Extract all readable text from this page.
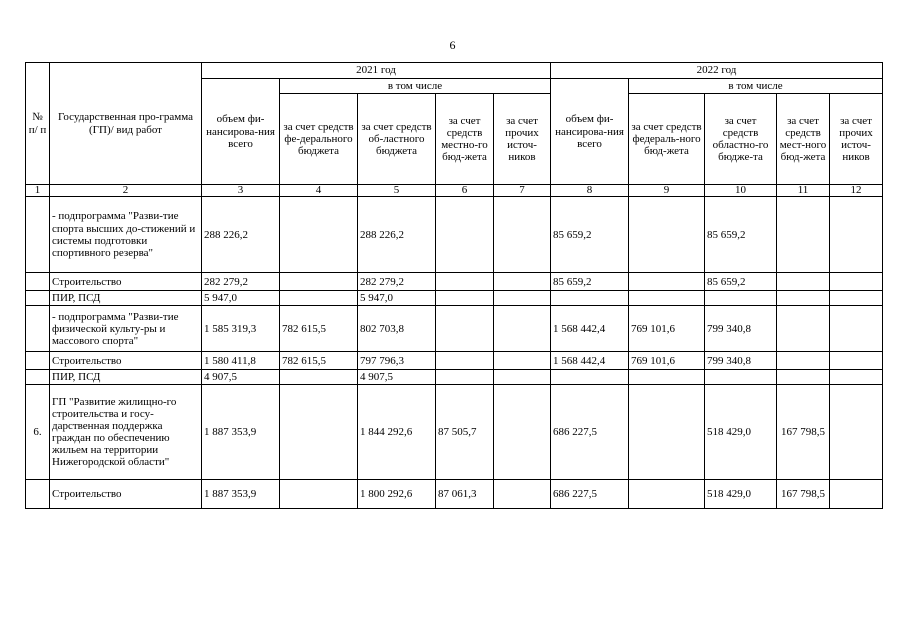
6
№ п/ п	Государственная про-грамма (ГП)/ вид работ	2021 год					2022 год				
		объем фи-нансирова-ния всего	в том числе				объем фи-нансирова-ния всего	в том числе			
			за счет средств фе-дерального бюджета	за счет средств об-ластного бюджета	за счет средств местно-го бюд-жета	за счет прочих источ-ников		за счет средств федераль-ного бюд-жета	за счет средств областно-го бюдже-та	за счет средств мест-ного бюд-жета	за счет прочих источ-ников
1	2	3	4	5	6	7	8	9	10	11	12
	- подпрограмма "Разви-тие спорта высших до-стижений и системы подготовки спортивного резерва"	288 226,2		288 226,2			85 659,2		85 659,2		
	Строительство	282 279,2		282 279,2			85 659,2		85 659,2		
	ПИР, ПСД	5 947,0		5 947,0							
	- подпрограмма "Разви-тие физической культу-ры и массового спорта"	1 585 319,3	782 615,5	802 703,8			1 568 442,4	769 101,6	799 340,8		
	Строительство	1 580 411,8	782 615,5	797 796,3			1 568 442,4	769 101,6	799 340,8		
	ПИР, ПСД	4 907,5		4 907,5							
6.	ГП "Развитие жилищно-го строительства и госу-дарственная поддержка граждан по обеспечению жильем на территории Нижегородской области"	1 887 353,9		1 844 292,6	87 505,7		686 227,5		518 429,0	167 798,5	
	Строительство	1 887 353,9		1 800 292,6	87 061,3		686 227,5		518 429,0	167 798,5	
